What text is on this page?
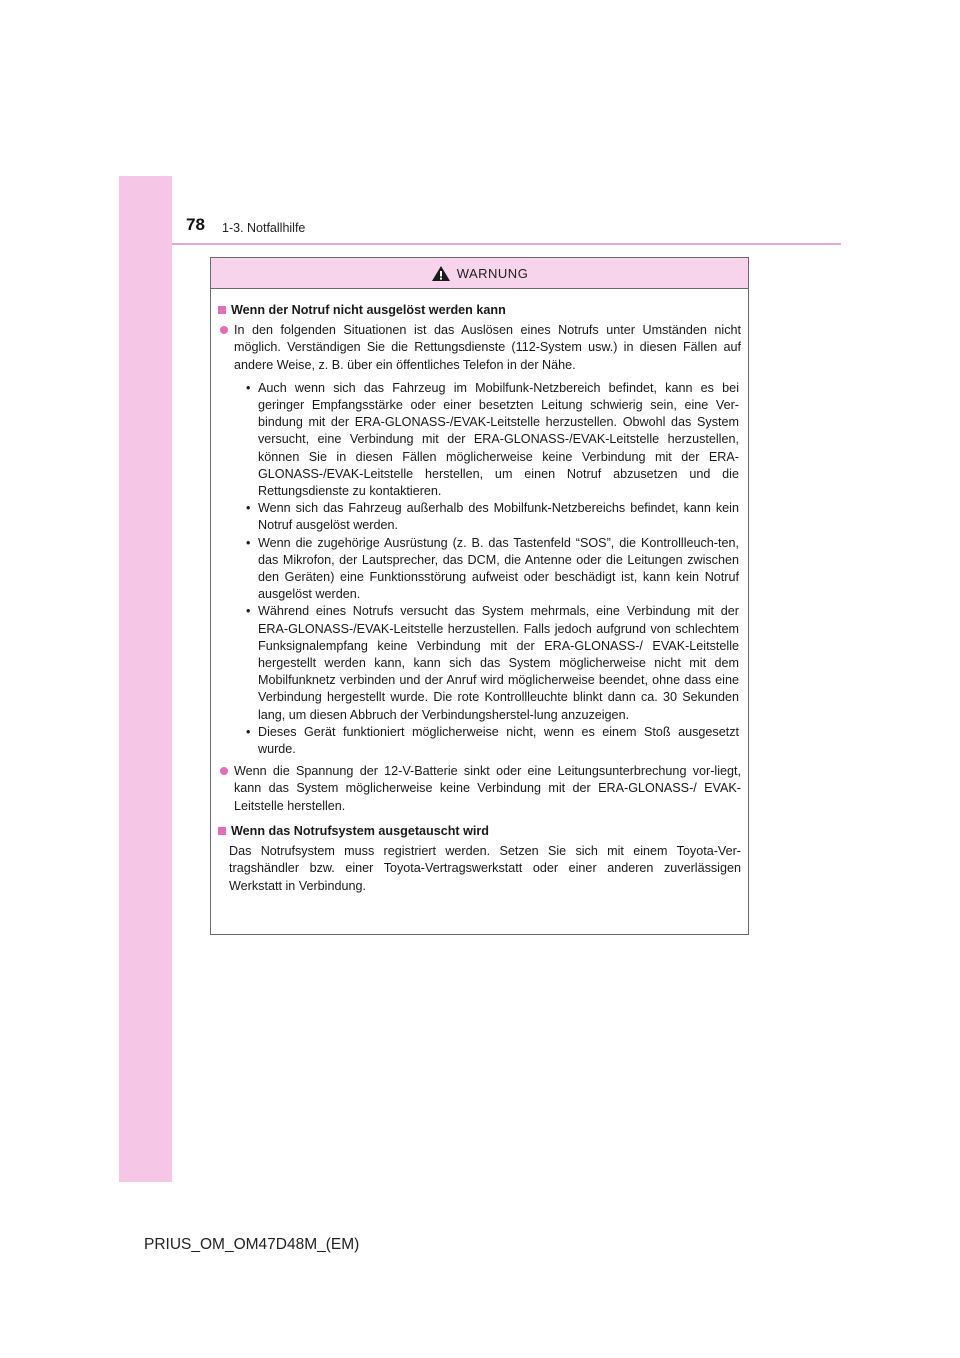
78 1-3. Notfallhilfe
WARNUNG
Wenn der Notruf nicht ausgelöst werden kann
In den folgenden Situationen ist das Auslösen eines Notrufs unter Umständen nicht möglich. Verständigen Sie die Rettungsdienste (112-System usw.) in diesen Fällen auf andere Weise, z. B. über ein öffentliches Telefon in der Nähe.
• Auch wenn sich das Fahrzeug im Mobilfunk-Netzbereich befindet, kann es bei geringer Empfangsstärke oder einer besetzten Leitung schwierig sein, eine Ver-bindung mit der ERA-GLONASS-/EVAK-Leitstelle herzustellen. Obwohl das System versucht, eine Verbindung mit der ERA-GLONASS-/EVAK-Leitstelle herzustellen, können Sie in diesen Fällen möglicherweise keine Verbindung mit der ERA-GLONASS-/EVAK-Leitstelle herstellen, um einen Notruf abzusetzen und die Rettungsdienste zu kontaktieren.
• Wenn sich das Fahrzeug außerhalb des Mobilfunk-Netzbereichs befindet, kann kein Notruf ausgelöst werden.
• Wenn die zugehörige Ausrüstung (z. B. das Tastenfeld “SOS”, die Kontrollleuch-ten, das Mikrofon, der Lautsprecher, das DCM, die Antenne oder die Leitungen zwischen den Geräten) eine Funktionsstörung aufweist oder beschädigt ist, kann kein Notruf ausgelöst werden.
• Während eines Notrufs versucht das System mehrmals, eine Verbindung mit der ERA-GLONASS-/EVAK-Leitstelle herzustellen. Falls jedoch aufgrund von schlechtem Funksignalempfang keine Verbindung mit der ERA-GLONASS-/ EVAK-Leitstelle hergestellt werden kann, kann sich das System möglicherweise nicht mit dem Mobilfunknetz verbinden und der Anruf wird möglicherweise beendet, ohne dass eine Verbindung hergestellt wurde. Die rote Kontrollleuchte blinkt dann ca. 30 Sekunden lang, um diesen Abbruch der Verbindungsherstel-lung anzuzeigen.
• Dieses Gerät funktioniert möglicherweise nicht, wenn es einem Stoß ausgesetzt wurde.
Wenn die Spannung der 12-V-Batterie sinkt oder eine Leitungsunterbrechung vor-liegt, kann das System möglicherweise keine Verbindung mit der ERA-GLONASS-/ EVAK-Leitstelle herstellen.
Wenn das Notrufsystem ausgetauscht wird
Das Notrufsystem muss registriert werden. Setzen Sie sich mit einem Toyota-Ver-tragshändler bzw. einer Toyota-Vertragswerkstatt oder einer anderen zuverlässigen Werkstatt in Verbindung.
PRIUS_OM_OM47D48M_(EM)
